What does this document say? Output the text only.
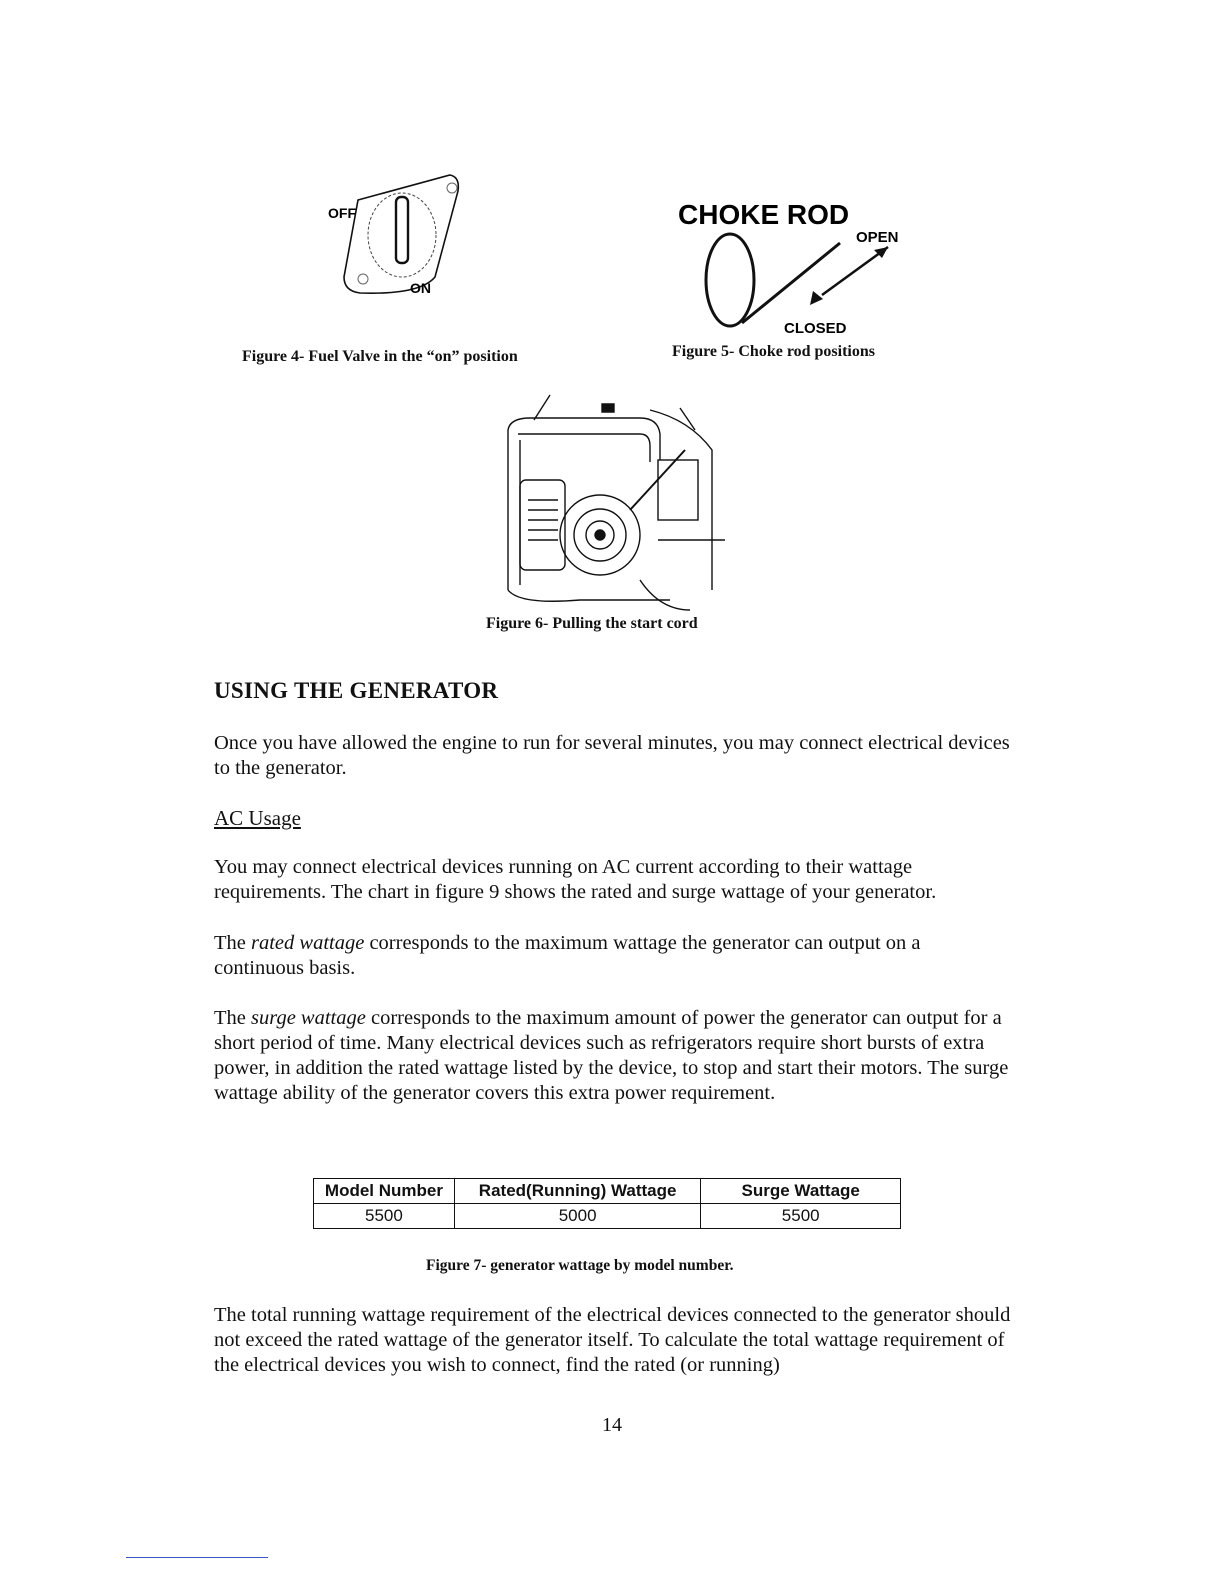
OFF
ON
Figure 4- Fuel Valve in the “on” position
CHOKE ROD
OPEN
CLOSED
Figure 5- Choke rod positions
Figure 6- Pulling the start cord
USING THE GENERATOR
Once you have allowed the engine to run for several minutes, you may connect electrical devices to the generator.
AC Usage
You may connect electrical devices running on AC current according to their wattage requirements. The chart in figure 9 shows the rated and surge wattage of your generator.
The rated wattage corresponds to the maximum wattage the generator can output on a continuous basis.
The surge wattage corresponds to the maximum amount of power the generator can output for a short period of time. Many electrical devices such as refrigerators require short bursts of extra power, in addition the rated wattage listed by the device, to stop and start their motors. The surge wattage ability of the generator covers this extra power requirement.
Model Number	Rated(Running) Wattage	Surge Wattage
5500	5000	5500
Figure 7- generator wattage by model number.
The total running wattage requirement of the electrical devices connected to the generator should not exceed the rated wattage of the generator itself. To calculate the total wattage requirement of the electrical devices you wish to connect, find the rated (or running)
14
